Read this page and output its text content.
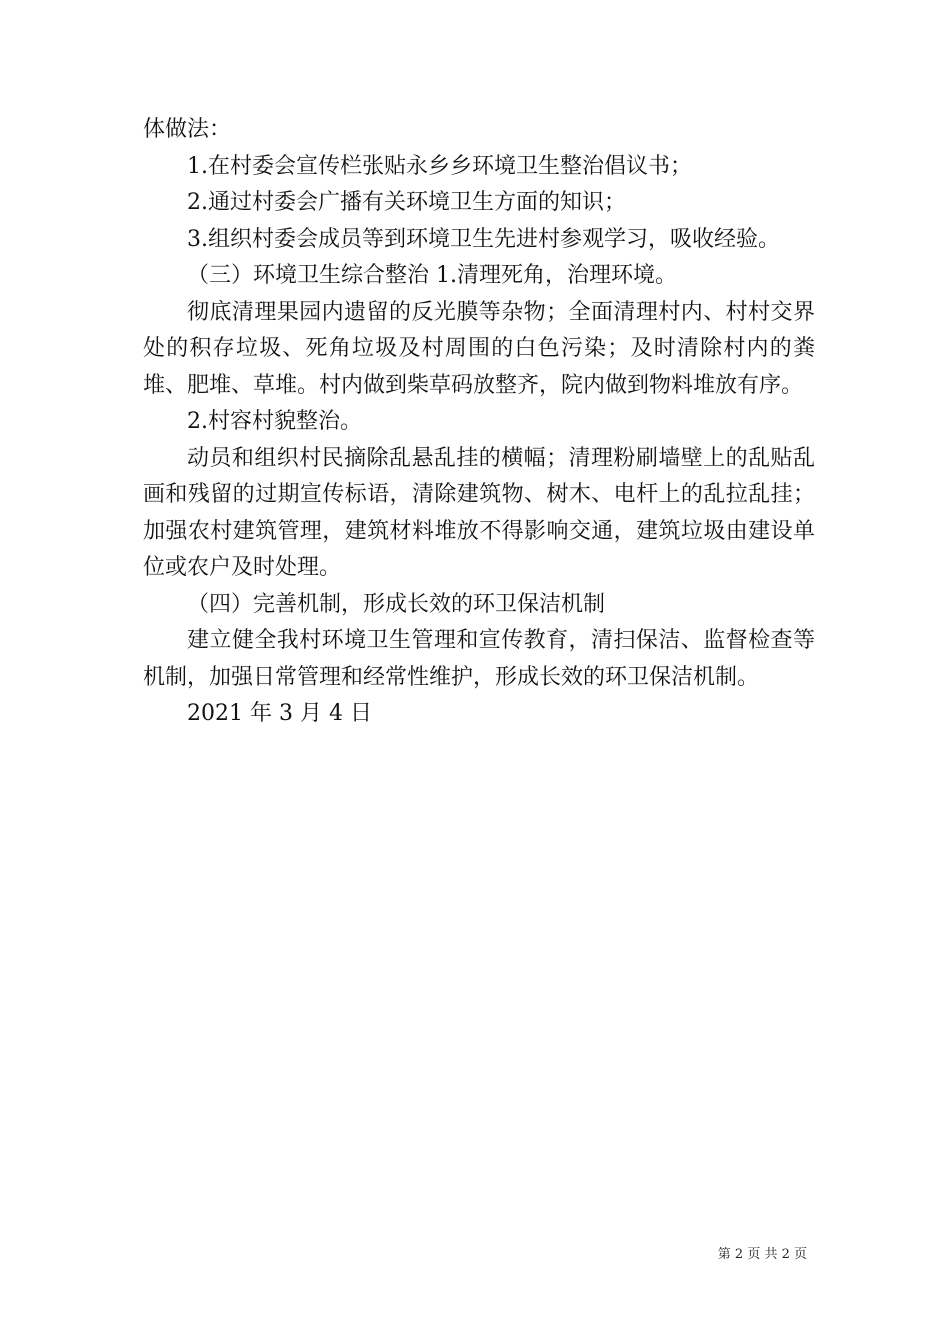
体做法：

1.在村委会宣传栏张贴永乡乡环境卫生整治倡议书；

2.通过村委会广播有关环境卫生方面的知识；

3.组织村委会成员等到环境卫生先进村参观学习，吸收经验。

（三）环境卫生综合整治 1.清理死角，治理环境。

彻底清理果园内遗留的反光膜等杂物；全面清理村内、村村交界处的积存垃圾、死角垃圾及村周围的白色污染；及时清除村内的粪堆、肥堆、草堆。村内做到柴草码放整齐，院内做到物料堆放有序。

2.村容村貌整治。

动员和组织村民摘除乱悬乱挂的横幅；清理粉刷墙壁上的乱贴乱画和残留的过期宣传标语，清除建筑物、树木、电杆上的乱拉乱挂；加强农村建筑管理，建筑材料堆放不得影响交通，建筑垃圾由建设单位或农户及时处理。

（四）完善机制，形成长效的环卫保洁机制

建立健全我村环境卫生管理和宣传教育，清扫保洁、监督检查等机制，加强日常管理和经常性维护，形成长效的环卫保洁机制。

2021 年 3 月 4 日

第 2 页 共 2 页
